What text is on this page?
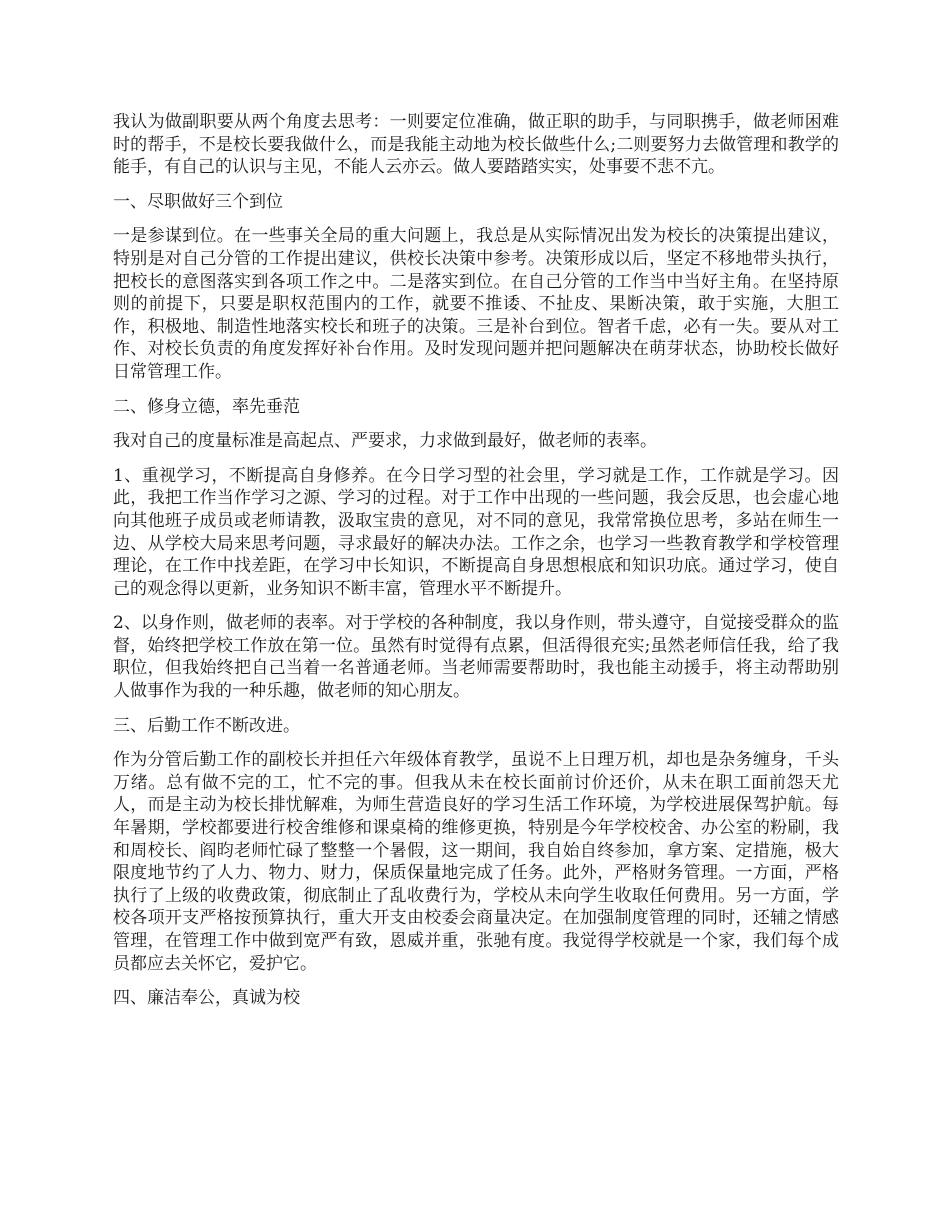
我认为做副职要从两个角度去思考：一则要定位准确，做正职的助手，与同职携手，做老师困难时的帮手，不是校长要我做什么，而是我能主动地为校长做些什么;二则要努力去做管理和教学的能手，有自己的认识与主见，不能人云亦云。做人要踏踏实实，处事要不悲不亢。

一、尽职做好三个到位

一是参谋到位。在一些事关全局的重大问题上，我总是从实际情况出发为校长的决策提出建议，特别是对自己分管的工作提出建议，供校长决策中参考。决策形成以后，坚定不移地带头执行，把校长的意图落实到各项工作之中。二是落实到位。在自己分管的工作当中当好主角。在坚持原则的前提下，只要是职权范围内的工作，就要不推诿、不扯皮、果断决策，敢于实施，大胆工作，积极地、制造性地落实校长和班子的决策。三是补台到位。智者千虑，必有一失。要从对工作、对校长负责的角度发挥好补台作用。及时发现问题并把问题解决在萌芽状态，协助校长做好日常管理工作。

二、修身立德，率先垂范

我对自己的度量标准是高起点、严要求，力求做到最好，做老师的表率。

1、重视学习，不断提高自身修养。在今日学习型的社会里，学习就是工作，工作就是学习。因此，我把工作当作学习之源、学习的过程。对于工作中出现的一些问题，我会反思，也会虚心地向其他班子成员或老师请教，汲取宝贵的意见，对不同的意见，我常常换位思考，多站在师生一边、从学校大局来思考问题，寻求最好的解决办法。工作之余，也学习一些教育教学和学校管理理论，在工作中找差距，在学习中长知识，不断提高自身思想根底和知识功底。通过学习，使自己的观念得以更新，业务知识不断丰富，管理水平不断提升。

2、以身作则，做老师的表率。对于学校的各种制度，我以身作则，带头遵守，自觉接受群众的监督，始终把学校工作放在第一位。虽然有时觉得有点累，但活得很充实;虽然老师信任我，给了我职位，但我始终把自己当着一名普通老师。当老师需要帮助时，我也能主动援手，将主动帮助别人做事作为我的一种乐趣，做老师的知心朋友。

三、后勤工作不断改进。

作为分管后勤工作的副校长并担任六年级体育教学，虽说不上日理万机，却也是杂务缠身，千头万绪。总有做不完的工，忙不完的事。但我从未在校长面前讨价还价，从未在职工面前怨天尤人，而是主动为校长排忧解难，为师生营造良好的学习生活工作环境，为学校进展保驾护航。每年暑期，学校都要进行校舍维修和课桌椅的维修更换，特别是今年学校校舍、办公室的粉刷，我和周校长、阎昀老师忙碌了整整一个暑假，这一期间，我自始自终参加，拿方案、定措施，极大限度地节约了人力、物力、财力，保质保量地完成了任务。此外，严格财务管理。一方面，严格执行了上级的收费政策，彻底制止了乱收费行为，学校从未向学生收取任何费用。另一方面，学校各项开支严格按预算执行，重大开支由校委会商量决定。在加强制度管理的同时，还辅之情感管理，在管理工作中做到宽严有致，恩威并重，张驰有度。我觉得学校就是一个家，我们每个成员都应去关怀它，爱护它。

四、廉洁奉公，真诚为校
